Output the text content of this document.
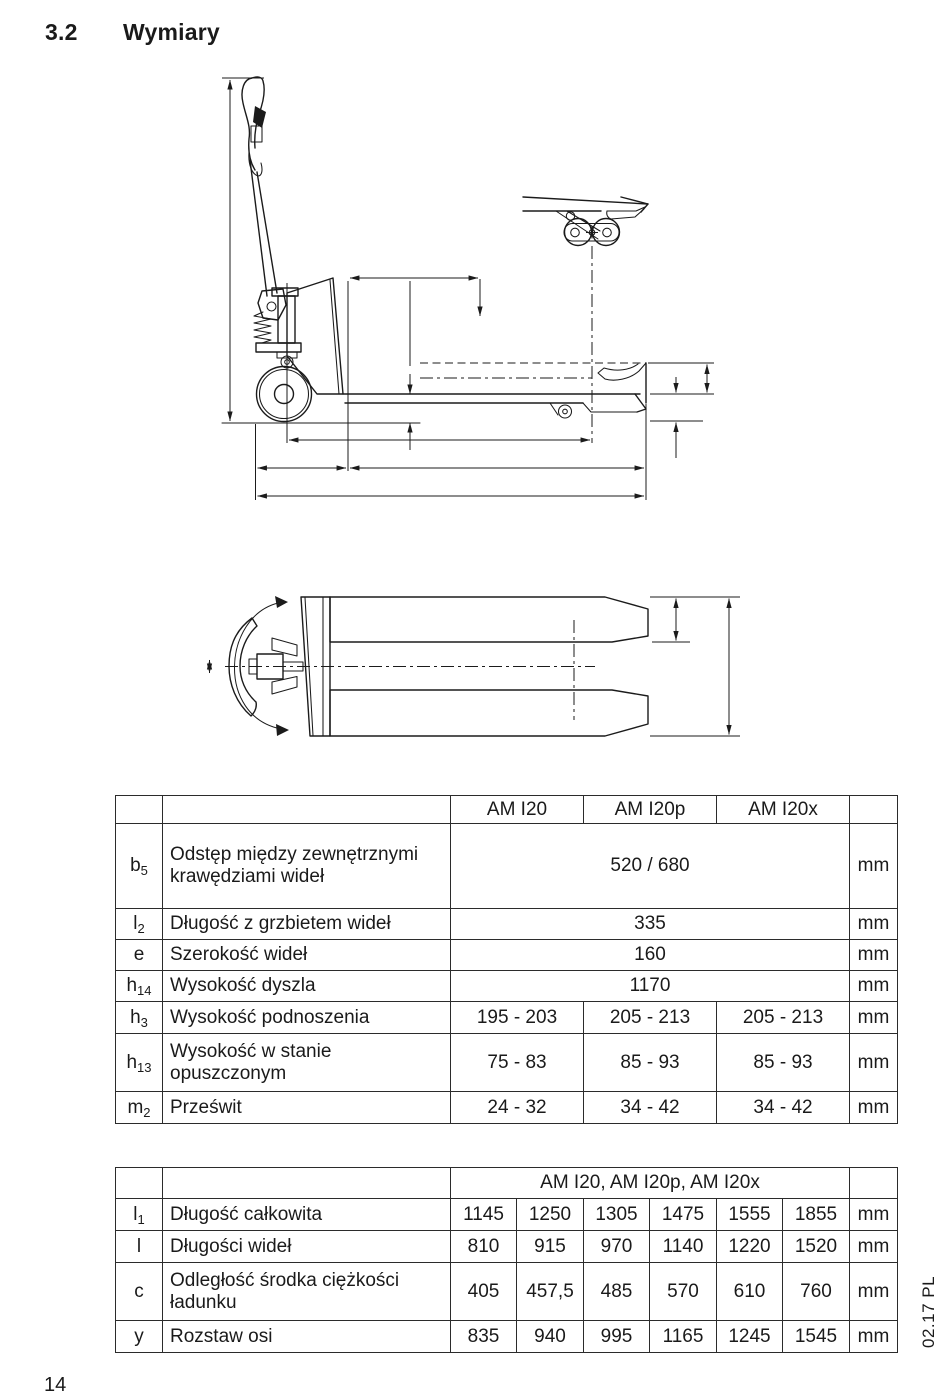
3.2 Wymiary
		AM I20	AM I20p	AM I20x	
$b_5$	Odstęp między zewnętrznymi krawędziami wideł	520 / 680			mm
$l_2$	Długość z grzbietem wideł	335			mm
e	Szerokość wideł	160			mm
$h_{14}$	Wysokość dyszla	1170			mm
$h_3$	Wysokość podnoszenia	195 - 203	205 - 213	205 - 213	mm
$h_{13}$	Wysokość w stanie opuszczonym	75 - 83	85 - 93	85 - 93	mm
$m_2$	Prześwit	24 - 32	34 - 42	34 - 42	mm
		AM I20, AM I20p, AM I20x						
$l_1$	Długość całkowita	1145	1250	1305	1475	1555	1855	mm
l	Długości wideł	810	915	970	1140	1220	1520	mm
c	Odległość środka ciężkości ładunku	405	457,5	485	570	610	760	mm
y	Rozstaw osi	835	940	995	1165	1245	1545	mm
14
02.17 PL
